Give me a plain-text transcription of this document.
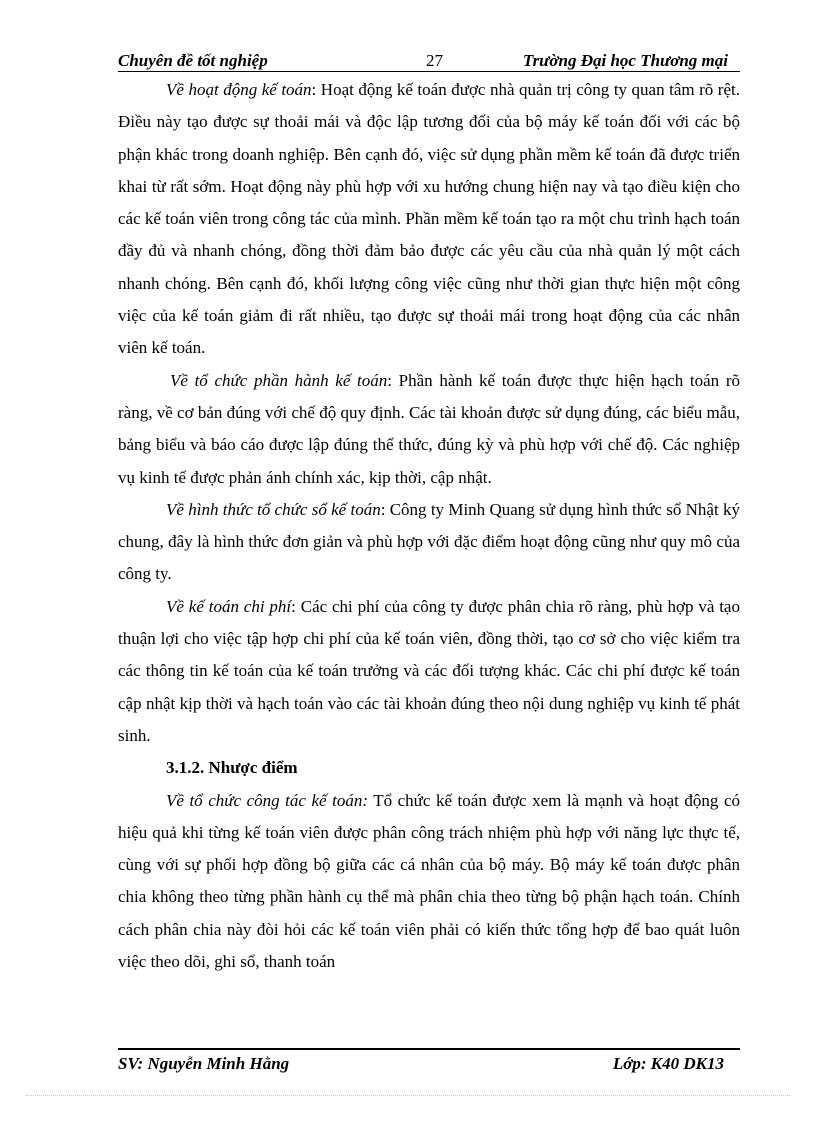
Chuyên đề tốt nghiệp	27	Trường Đại học Thương mại

Về hoạt động kế toán: Hoạt động kế toán được nhà quản trị công ty quan tâm rõ rệt. Điều này tạo được sự thoải mái và độc lập tương đối của bộ máy kế toán đối với các bộ phận khác trong doanh nghiệp. Bên cạnh đó, việc sử dụng phần mềm kế toán đã được triển khai từ rất sớm. Hoạt động này phù hợp với xu hướng chung hiện nay và tạo điều kiện cho các kế toán viên trong công tác của mình. Phần mềm kế toán tạo ra một chu trình hạch toán đầy đủ và nhanh chóng, đồng thời đảm bảo được các yêu cầu của nhà quản lý một cách nhanh chóng. Bên cạnh đó, khối lượng công việc cũng như thời gian thực hiện một công việc của kế toán giảm đi rất nhiều, tạo được sự thoải mái trong hoạt động của các nhân viên kế toán.

Về tổ chức phần hành kế toán: Phần hành kế toán được thực hiện hạch toán rõ ràng, về cơ bản đúng với chế độ quy định. Các tài khoản được sử dụng đúng, các biểu mẫu, bảng biểu và báo cáo được lập đúng thể thức, đúng kỳ và phù hợp với chế độ. Các nghiệp vụ kinh tế được phản ánh chính xác, kịp thời, cập nhật.

Về hình thức tổ chức sổ kế toán: Công ty Minh Quang sử dụng hình thức sổ Nhật ký chung, đây là hình thức đơn giản và phù hợp với đặc điểm hoạt động cũng như quy mô của công ty.

Về kế toán chi phí: Các chi phí của công ty được phân chia rõ ràng, phù hợp và tạo thuận lợi cho việc tập hợp chi phí của kế toán viên, đồng thời, tạo cơ sở cho việc kiểm tra các thông tin kế toán của kế toán trưởng và các đối tượng khác. Các chi phí được kế toán cập nhật kịp thời và hạch toán vào các tài khoản đúng theo nội dung nghiệp vụ kinh tế phát sinh.

3.1.2. Nhược điểm

Về tổ chức công tác kế toán: Tổ chức kế toán được xem là mạnh và hoạt động có hiệu quả khi từng kế toán viên được phân công trách nhiệm phù hợp với năng lực thực tế, cùng với sự phối hợp đồng bộ giữa các cá nhân của bộ máy. Bộ máy kế toán được phân chia không theo từng phần hành cụ thể mà phân chia theo từng bộ phận hạch toán. Chính cách phân chia này đòi hỏi các kế toán viên phải có kiến thức tổng hợp để bao quát luôn việc theo dõi, ghi sổ, thanh toán

SV: Nguyễn Minh Hằng	Lớp: K40 DK13
